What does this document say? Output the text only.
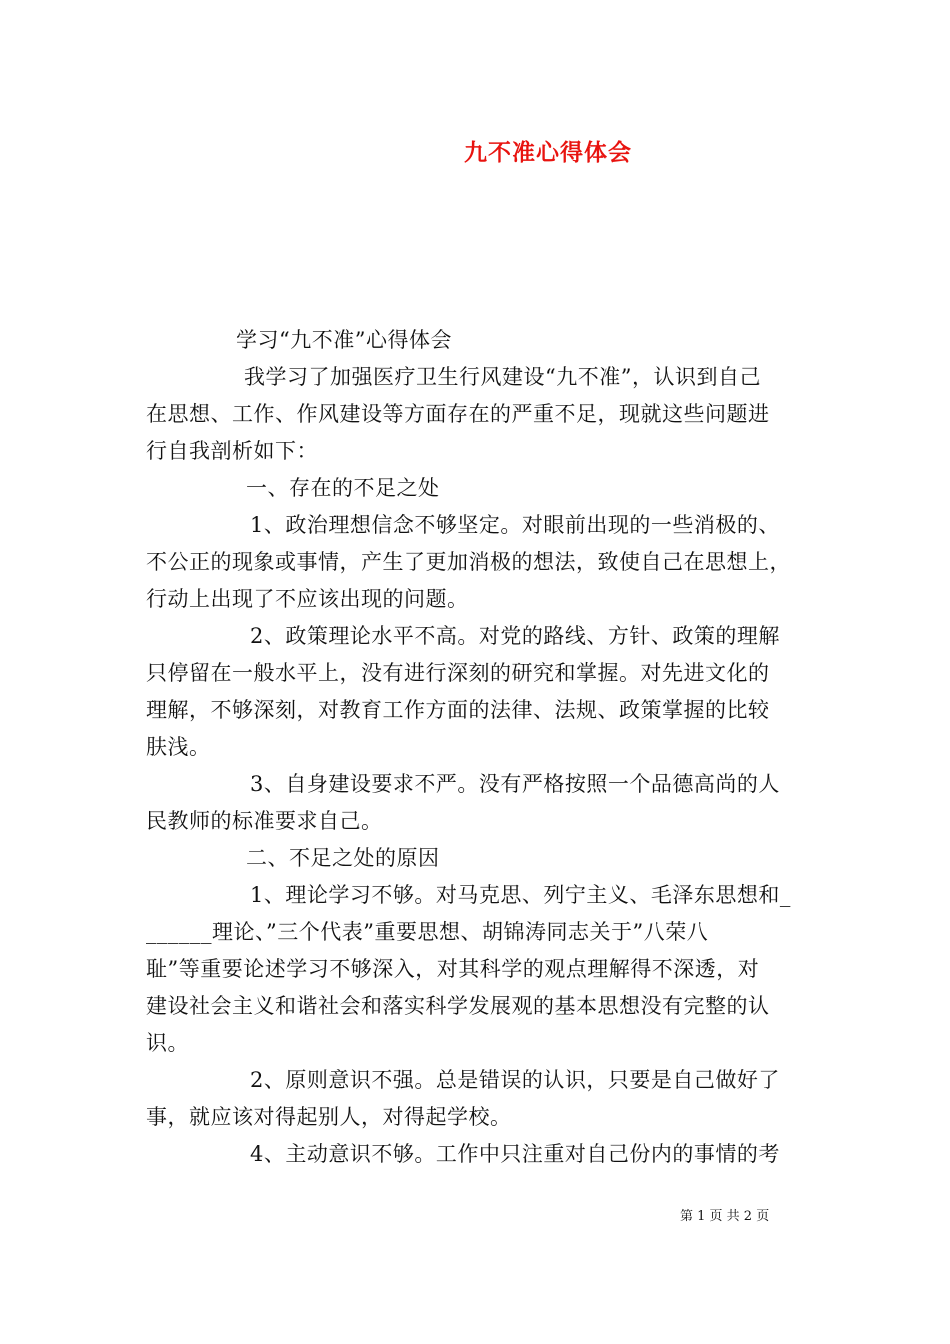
九不准心得体会
学习“九不准”心得体会
我学习了加强医疗卫生行风建设“九不准”，认识到自己
在思想、工作、作风建设等方面存在的严重不足，现就这些问题进
行自我剖析如下：
一、存在的不足之处
1、政治理想信念不够坚定。对眼前出现的一些消极的、
不公正的现象或事情，产生了更加消极的想法，致使自己在思想上，
行动上出现了不应该出现的问题。
2、政策理论水平不高。对党的路线、方针、政策的理解
只停留在一般水平上，没有进行深刻的研究和掌握。对先进文化的
理解，不够深刻，对教育工作方面的法律、法规、政策掌握的比较
肤浅。
3、自身建设要求不严。没有严格按照一个品德高尚的人
民教师的标准要求自己。
二、不足之处的原因
1、理论学习不够。对马克思、列宁主义、毛泽东思想和_
______理论、”三个代表”重要思想、胡锦涛同志关于”八荣八
耻”等重要论述学习不够深入，对其科学的观点理解得不深透，对
建设社会主义和谐社会和落实科学发展观的基本思想没有完整的认
识。
2、原则意识不强。总是错误的认识，只要是自己做好了
事，就应该对得起别人，对得起学校。
4、主动意识不够。工作中只注重对自己份内的事情的考
第 1 页 共 2 页
